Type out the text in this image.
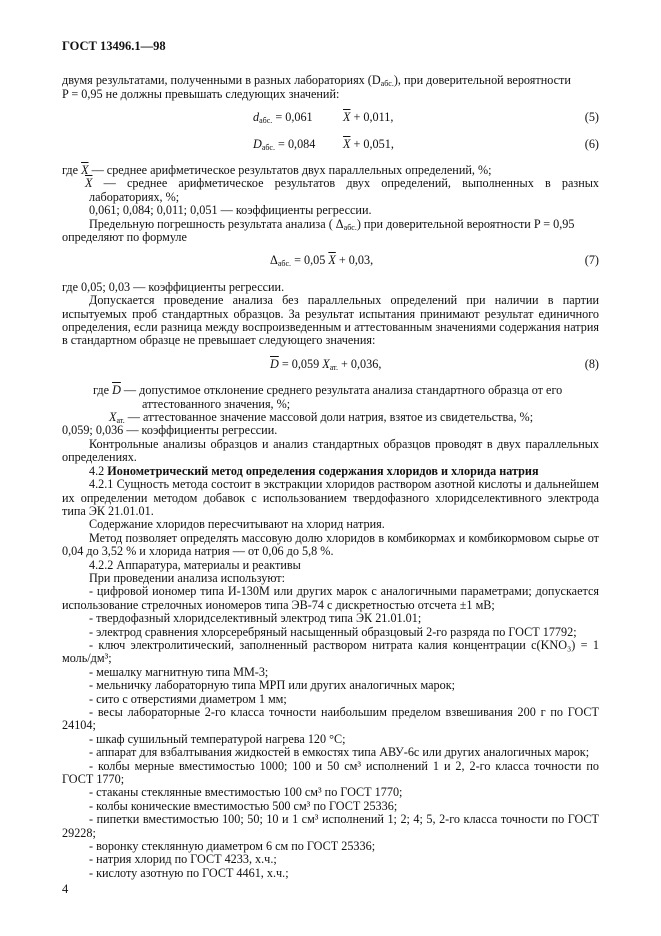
ГОСТ 13496.1—98

двумя результатами, полученными в разных лабораториях $(D_{абс.})$, при доверительной вероятности

P = 0,95 не должны превышать следующих значений:

$d_{абс.} = 0,061$ $\overline{X} + 0,011$,	(5)
$D_{абс.} = 0,084$ $\overline{X} + 0,051$,	(6)

где $\overline{X}$ — среднее арифметическое результатов двух параллельных определений, %;

$\overline{X}$ — среднее арифметическое результатов двух определений, выполненных в разных лабораториях, %;

0,061; 0,084; 0,011; 0,051 — коэффициенты регрессии.

Предельную погрешность результата анализа ( $\Delta_{абс.}$) при доверительной вероятности P = 0,95

определяют по формуле

$\Delta_{абс.} = 0,05$ $\overline{X} + 0,03$,	(7)

где 0,05; 0,03 — коэффициенты регрессии.

Допускается проведение анализа без параллельных определений при наличии в партии испытуемых проб стандартных образцов. За результат испытания принимают результат единичного определения, если разница между воспроизведенным и аттестованным значениями содержания натрия в стандартном образце не превышает следующего значения:

$\overline{D} = 0,059$ $X_{ат.} + 0,036$,	(8)

где $\overline{D}$ — допустимое отклонение среднего результата анализа стандартного образца от его

аттестованного значения, %;

$X_{ат.}$ — аттестованное значение массовой доли натрия, взятое из свидетельства, %;

0,059; 0,036 — коэффициенты регрессии.

Контрольные анализы образцов и анализ стандартных образцов проводят в двух параллельных определениях.

4.2 Ионометрический метод определения содержания хлоридов и хлорида натрия

4.2.1 Сущность метода состоит в экстракции хлоридов раствором азотной кислоты и дальнейшем их определении методом добавок с использованием твердофазного хлоридселективного электрода типа ЭК 21.01.01.

Содержание хлоридов пересчитывают на хлорид натрия.

Метод позволяет определять массовую долю хлоридов в комбикормах и комбикормовом сырье от 0,04 до 3,52 % и хлорида натрия — от 0,06 до 5,8 %.

4.2.2 Аппаратура, материалы и реактивы

При проведении анализа используют:

- цифровой иономер типа И-130М или других марок с аналогичными параметрами; допускается использование стрелочных иономеров типа ЭВ-74 с дискретностью отсчета ±1 мВ;

- твердофазный хлоридселективный электрод типа ЭК 21.01.01;

- электрод сравнения хлорсеребряный насыщенный образцовый 2-го разряда по ГОСТ 17792;

- ключ электролитический, заполненный раствором нитрата калия концентрации c(KNO₃) = 1 моль/дм³;

- мешалку магнитную типа ММ-3;

- мельничку лабораторную типа МРП или других аналогичных марок;

- сито с отверстиями диаметром 1 мм;

- весы лабораторные 2-го класса точности наибольшим пределом взвешивания 200 г по ГОСТ 24104;

- шкаф сушильный температурой нагрева 120 °С;

- аппарат для взбалтывания жидкостей в емкостях типа АВУ-6с или других аналогичных марок;

- колбы мерные вместимостью 1000; 100 и 50 см³ исполнений 1 и 2, 2-го класса точности по ГОСТ 1770;

- стаканы стеклянные вместимостью 100 см³ по ГОСТ 1770;

- колбы конические вместимостью 500 см³ по ГОСТ 25336;

- пипетки вместимостью 100; 50; 10 и 1 см³ исполнений 1; 2; 4; 5, 2-го класса точности по ГОСТ 29228;

- воронку стеклянную диаметром 6 см по ГОСТ 25336;

- натрия хлорид по ГОСТ 4233, х.ч.;

- кислоту азотную по ГОСТ 4461, х.ч.;

4
